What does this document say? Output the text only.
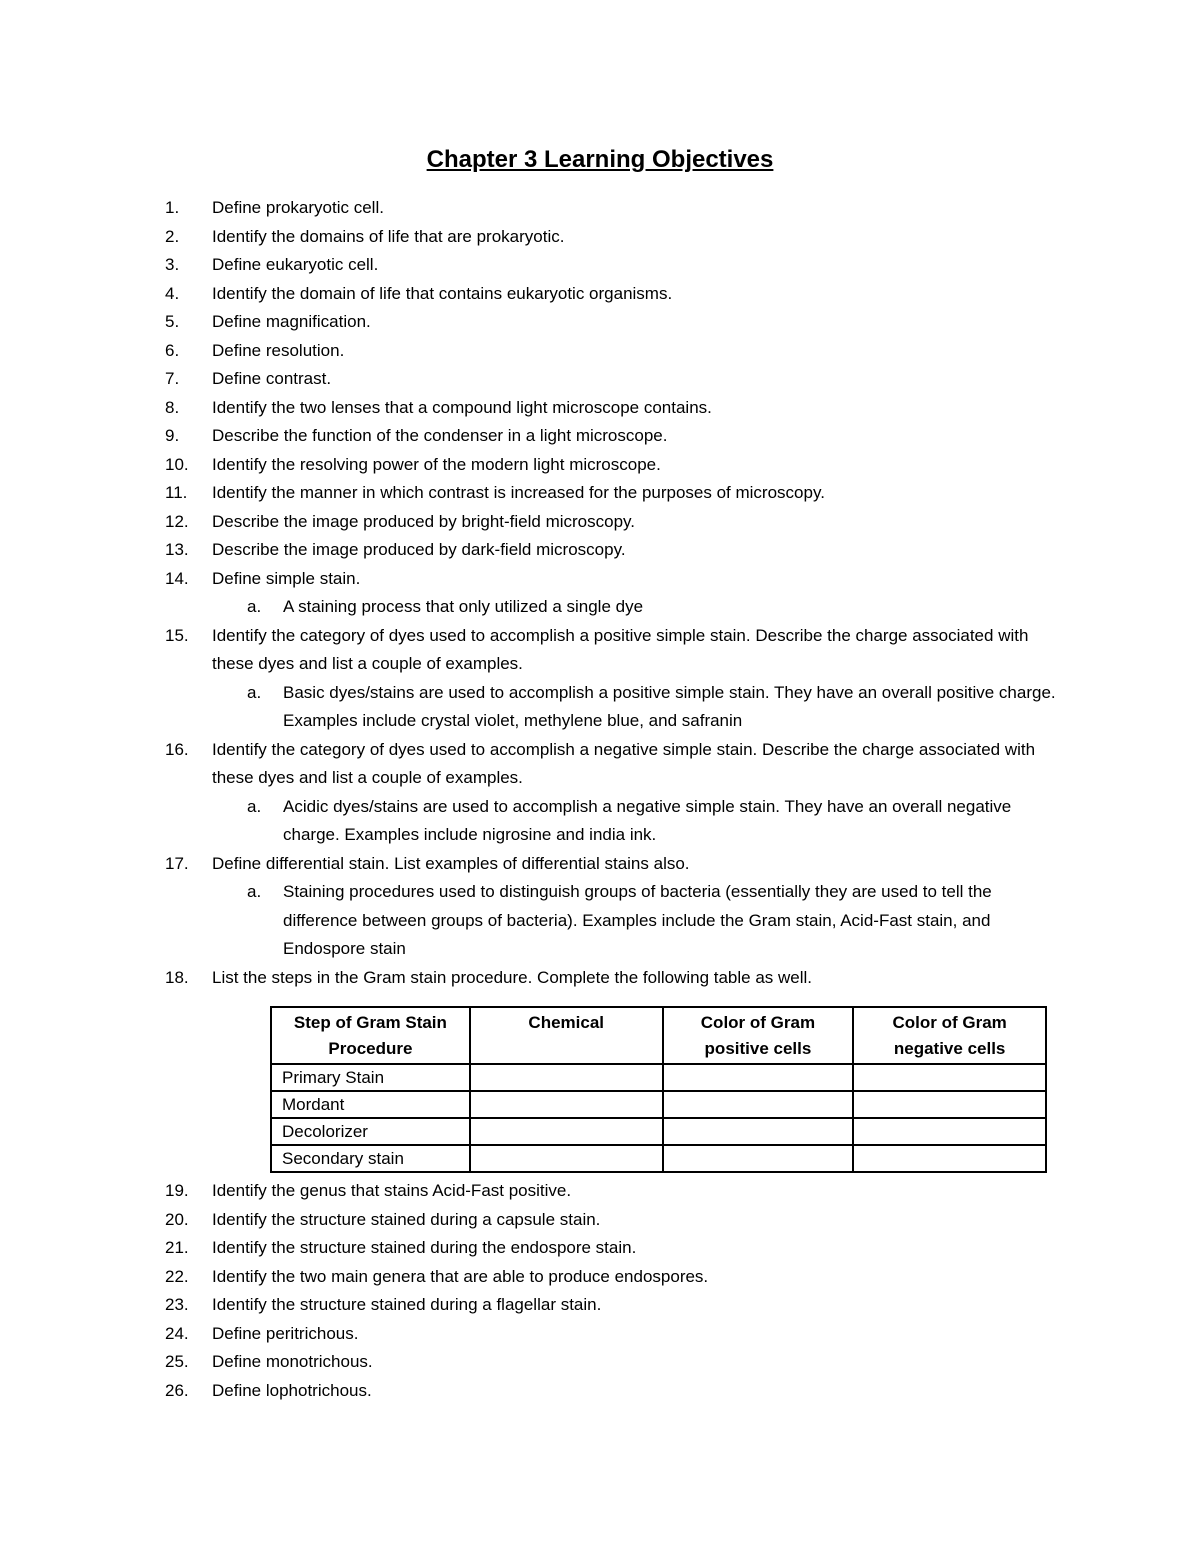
Chapter 3 Learning Objectives
1. Define prokaryotic cell.
2. Identify the domains of life that are prokaryotic.
3. Define eukaryotic cell.
4. Identify the domain of life that contains eukaryotic organisms.
5. Define magnification.
6. Define resolution.
7. Define contrast.
8. Identify the two lenses that a compound light microscope contains.
9. Describe the function of the condenser in a light microscope.
10. Identify the resolving power of the modern light microscope.
11. Identify the manner in which contrast is increased for the purposes of microscopy.
12. Describe the image produced by bright-field microscopy.
13. Describe the image produced by dark-field microscopy.
14. Define simple stain.
a. A staining process that only utilized a single dye
15. Identify the category of dyes used to accomplish a positive simple stain. Describe the charge associated with these dyes and list a couple of examples.
a. Basic dyes/stains are used to accomplish a positive simple stain. They have an overall positive charge. Examples include crystal violet, methylene blue, and safranin
16. Identify the category of dyes used to accomplish a negative simple stain. Describe the charge associated with these dyes and list a couple of examples.
a. Acidic dyes/stains are used to accomplish a negative simple stain. They have an overall negative charge. Examples include nigrosine and india ink.
17. Define differential stain. List examples of differential stains also.
a. Staining procedures used to distinguish groups of bacteria (essentially they are used to tell the difference between groups of bacteria). Examples include the Gram stain, Acid-Fast stain, and Endospore stain
18. List the steps in the Gram stain procedure. Complete the following table as well.
Step of Gram Stain Procedure	Chemical	Color of Gram positive cells	Color of Gram negative cells
Primary Stain			
Mordant			
Decolorizer			
Secondary stain			
19. Identify the genus that stains Acid-Fast positive.
20. Identify the structure stained during a capsule stain.
21. Identify the structure stained during the endospore stain.
22. Identify the two main genera that are able to produce endospores.
23. Identify the structure stained during a flagellar stain.
24. Define peritrichous.
25. Define monotrichous.
26. Define lophotrichous.
